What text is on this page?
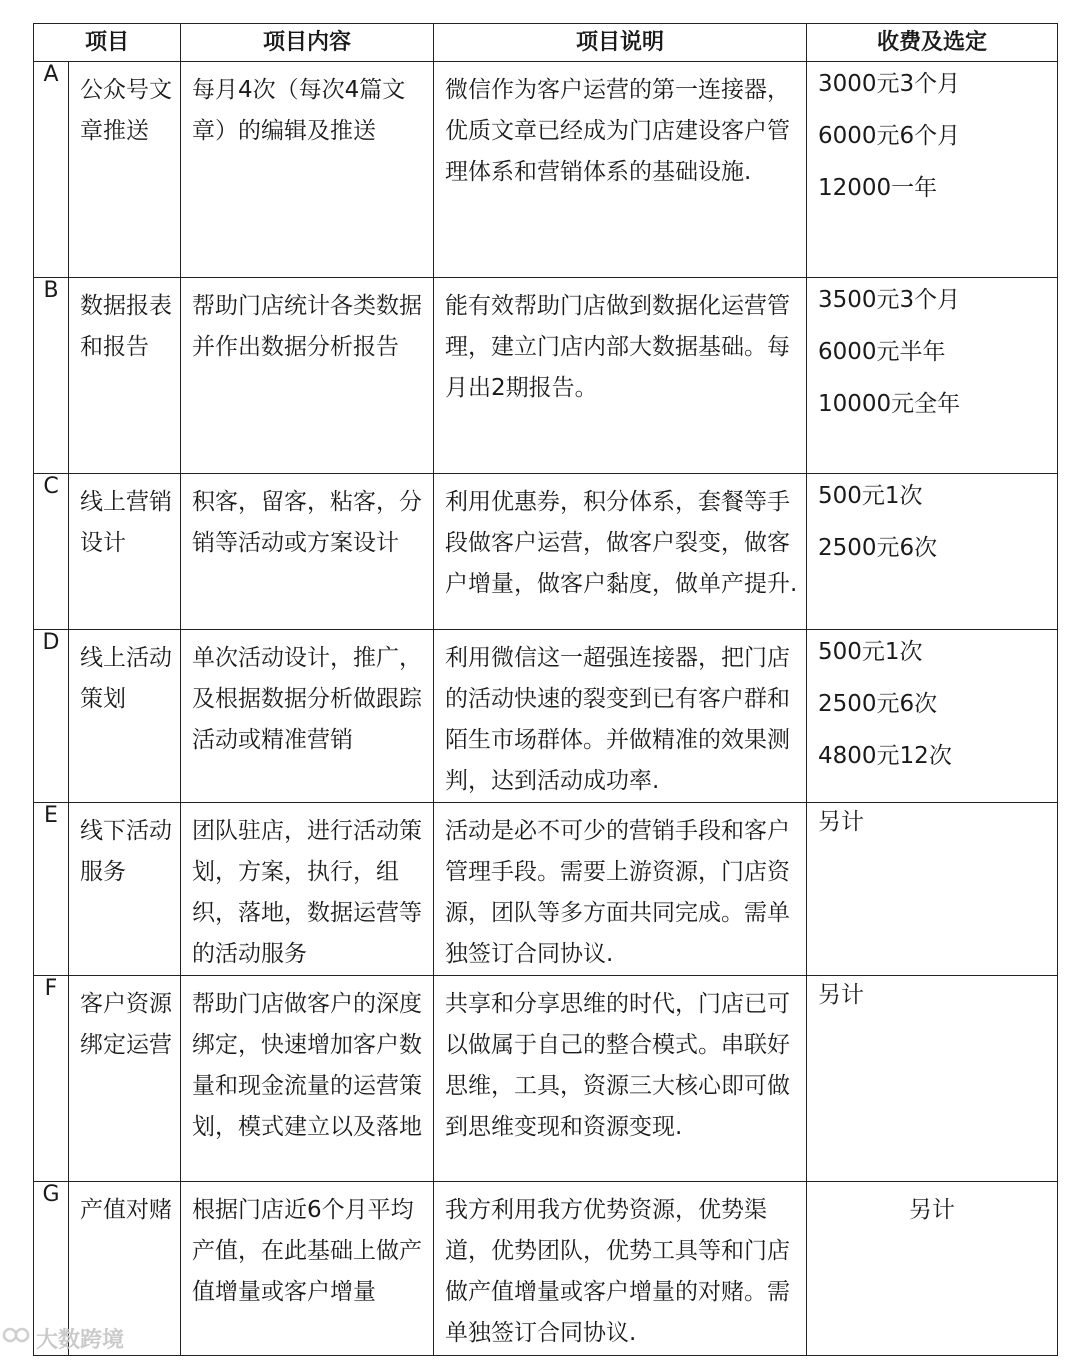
项目		项目内容	项目说明	收费及选定
A	公众号文章推送	每月4次（每次4篇文章）的编辑及推送	微信作为客户运营的第一连接器，优质文章已经成为门店建设客户管理体系和营销体系的基础设施.	3000元3个月
6000元6个月
12000一年

B	数据报表和报告	帮助门店统计各类数据并作出数据分析报告	能有效帮助门店做到数据化运营管理，建立门店内部大数据基础。每月出2期报告。	3500元3个月
6000元半年
10000元全年

C	线上营销设计	积客，留客，粘客，分销等活动或方案设计	利用优惠券，积分体系，套餐等手段做客户运营，做客户裂变，做客户增量，做客户黏度，做单产提升.	500元1次
2500元6次

D	线上活动策划	单次活动设计，推广，及根据数据分析做跟踪活动或精准营销	利用微信这一超强连接器，把门店的活动快速的裂变到已有客户群和陌生市场群体。并做精准的效果测判，达到活动成功率.	500元1次
2500元6次
4800元12次

E	线下活动服务	团队驻店，进行活动策划，方案，执行，组织，落地，数据运营等的活动服务	活动是必不可少的营销手段和客户管理手段。需要上游资源，门店资源，团队等多方面共同完成。需单独签订合同协议.	另计
F	客户资源绑定运营	帮助门店做客户的深度绑定，快速增加客户数量和现金流量的运营策划，模式建立以及落地	共享和分享思维的时代，门店已可以做属于自己的整合模式。串联好思维，工具，资源三大核心即可做到思维变现和资源变现.	另计
G	产值对赌	根据门店近6个月平均产值，在此基础上做产值增量或客户增量	我方利用我方优势资源，优势渠道，优势团队，优势工具等和门店做产值增量或客户增量的对赌。需单独签订合同协议.	另计
大数跨境
